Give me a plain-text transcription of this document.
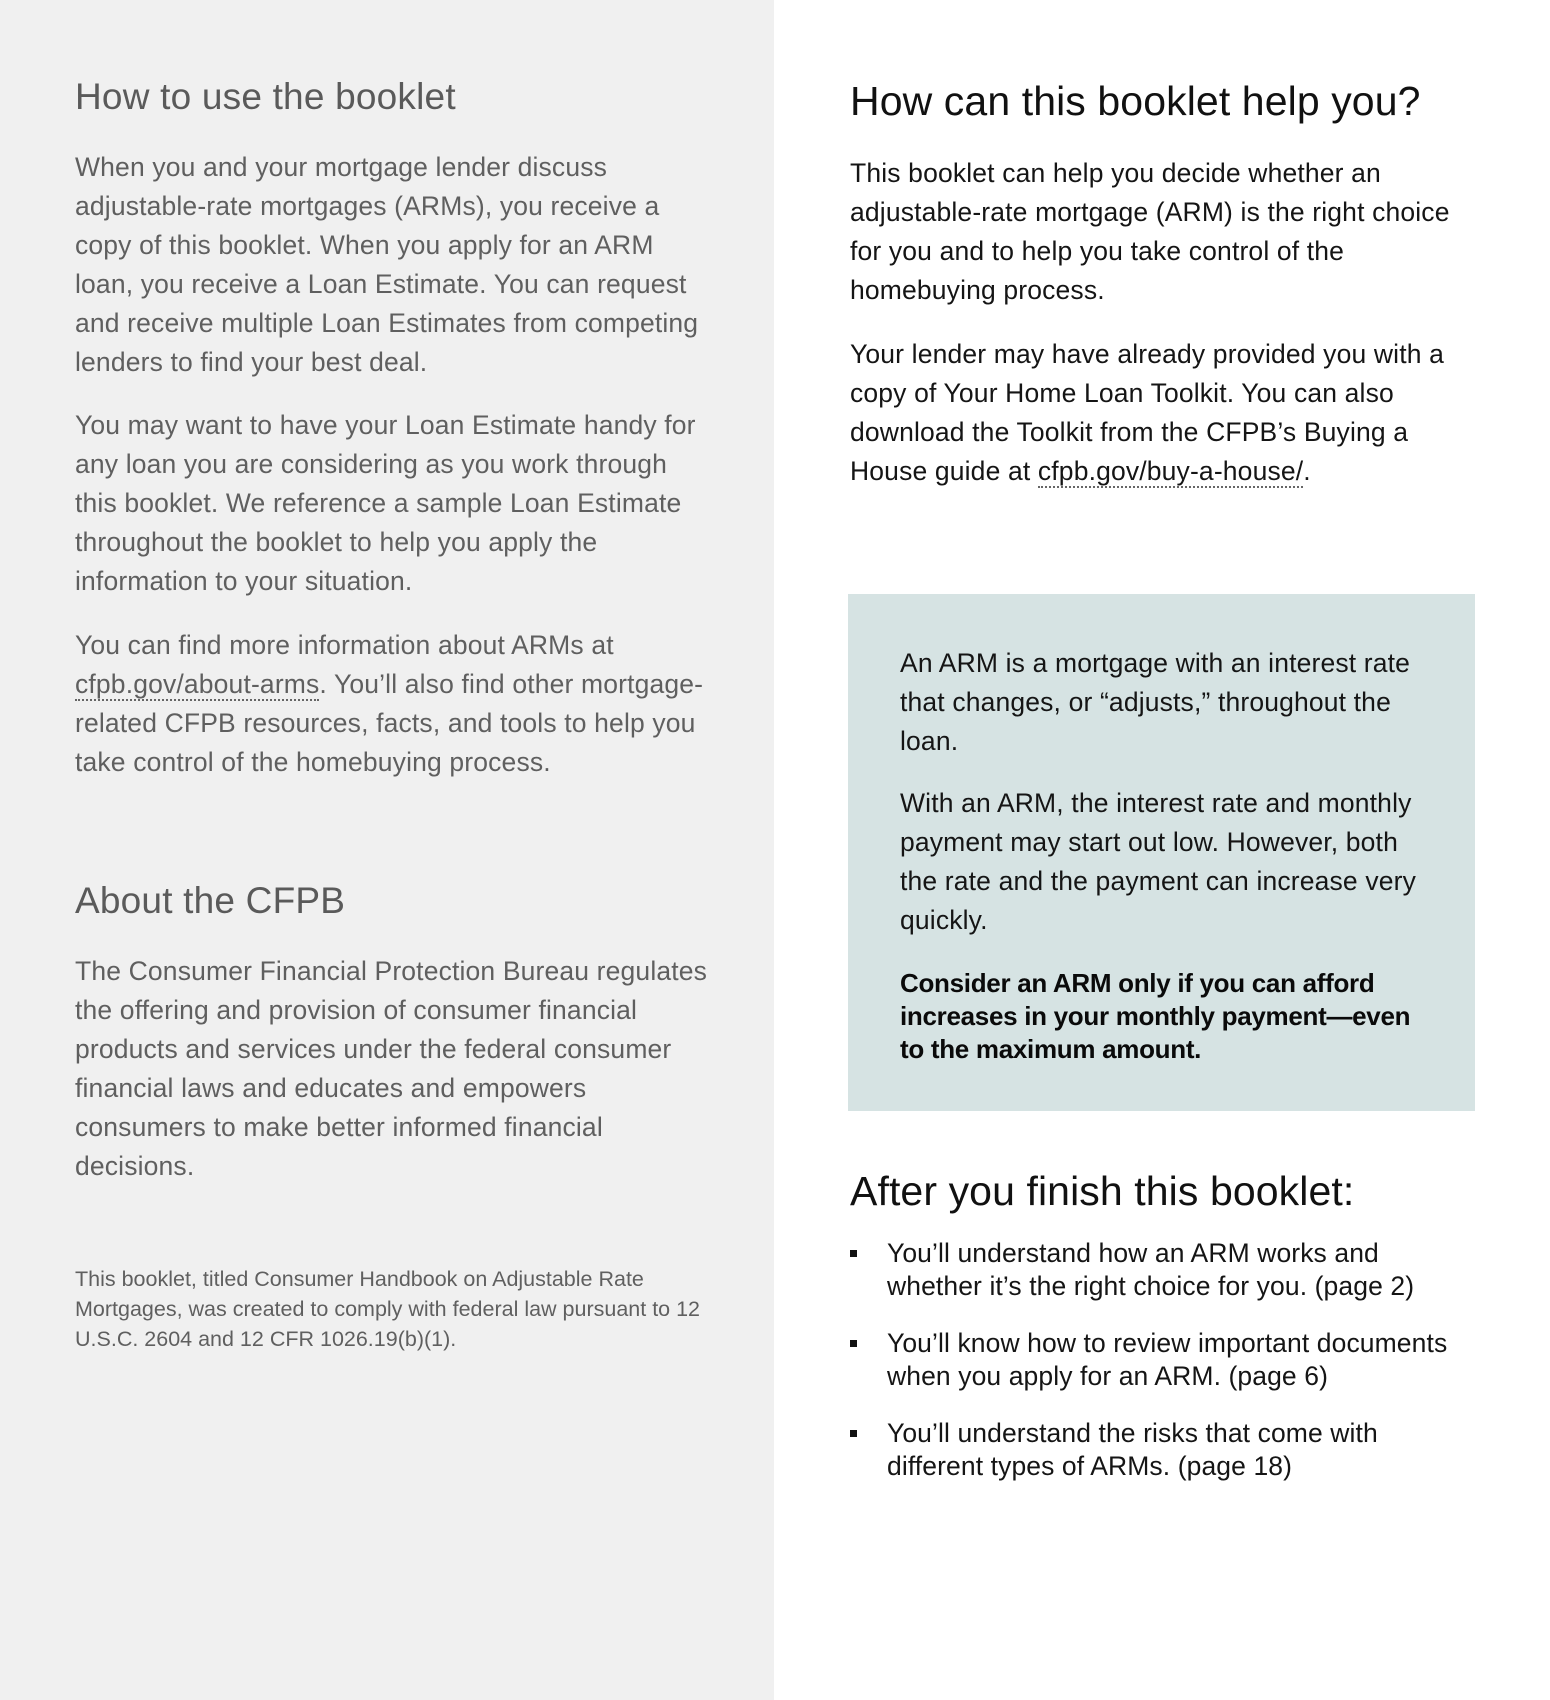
How to use the booklet

When you and your mortgage lender discuss adjustable-rate mortgages (ARMs), you receive a copy of this booklet. When you apply for an ARM loan, you receive a Loan Estimate. You can request and receive multiple Loan Estimates from competing lenders to find your best deal.

You may want to have your Loan Estimate handy for any loan you are considering as you work through this booklet. We reference a sample Loan Estimate throughout the booklet to help you apply the information to your situation.

You can find more information about ARMs at cfpb.gov/about-arms. You’ll also find other mortgage-related CFPB resources, facts, and tools to help you take control of the homebuying process.

About the CFPB

The Consumer Financial Protection Bureau regulates the offering and provision of consumer financial products and services under the federal consumer financial laws and educates and empowers consumers to make better informed financial decisions.

This booklet, titled Consumer Handbook on Adjustable Rate Mortgages, was created to comply with federal law pursuant to 12 U.S.C. 2604 and 12 CFR 1026.19(b)(1).

How can this booklet help you?

This booklet can help you decide whether an adjustable-rate mortgage (ARM) is the right choice for you and to help you take control of the homebuying process.

Your lender may have already provided you with a copy of Your Home Loan Toolkit. You can also download the Toolkit from the CFPB’s Buying a House guide at cfpb.gov/buy-a-house/.

An ARM is a mortgage with an interest rate that changes, or “adjusts,” throughout the loan.

With an ARM, the interest rate and monthly payment may start out low. However, both the rate and the payment can increase very quickly.

Consider an ARM only if you can afford increases in your monthly payment—even to the maximum amount.

After you finish this booklet:
You’ll understand how an ARM works and whether it’s the right choice for you. (page 2)
You’ll know how to review important documents when you apply for an ARM. (page 6)
You’ll understand the risks that come with different types of ARMs. (page 18)
